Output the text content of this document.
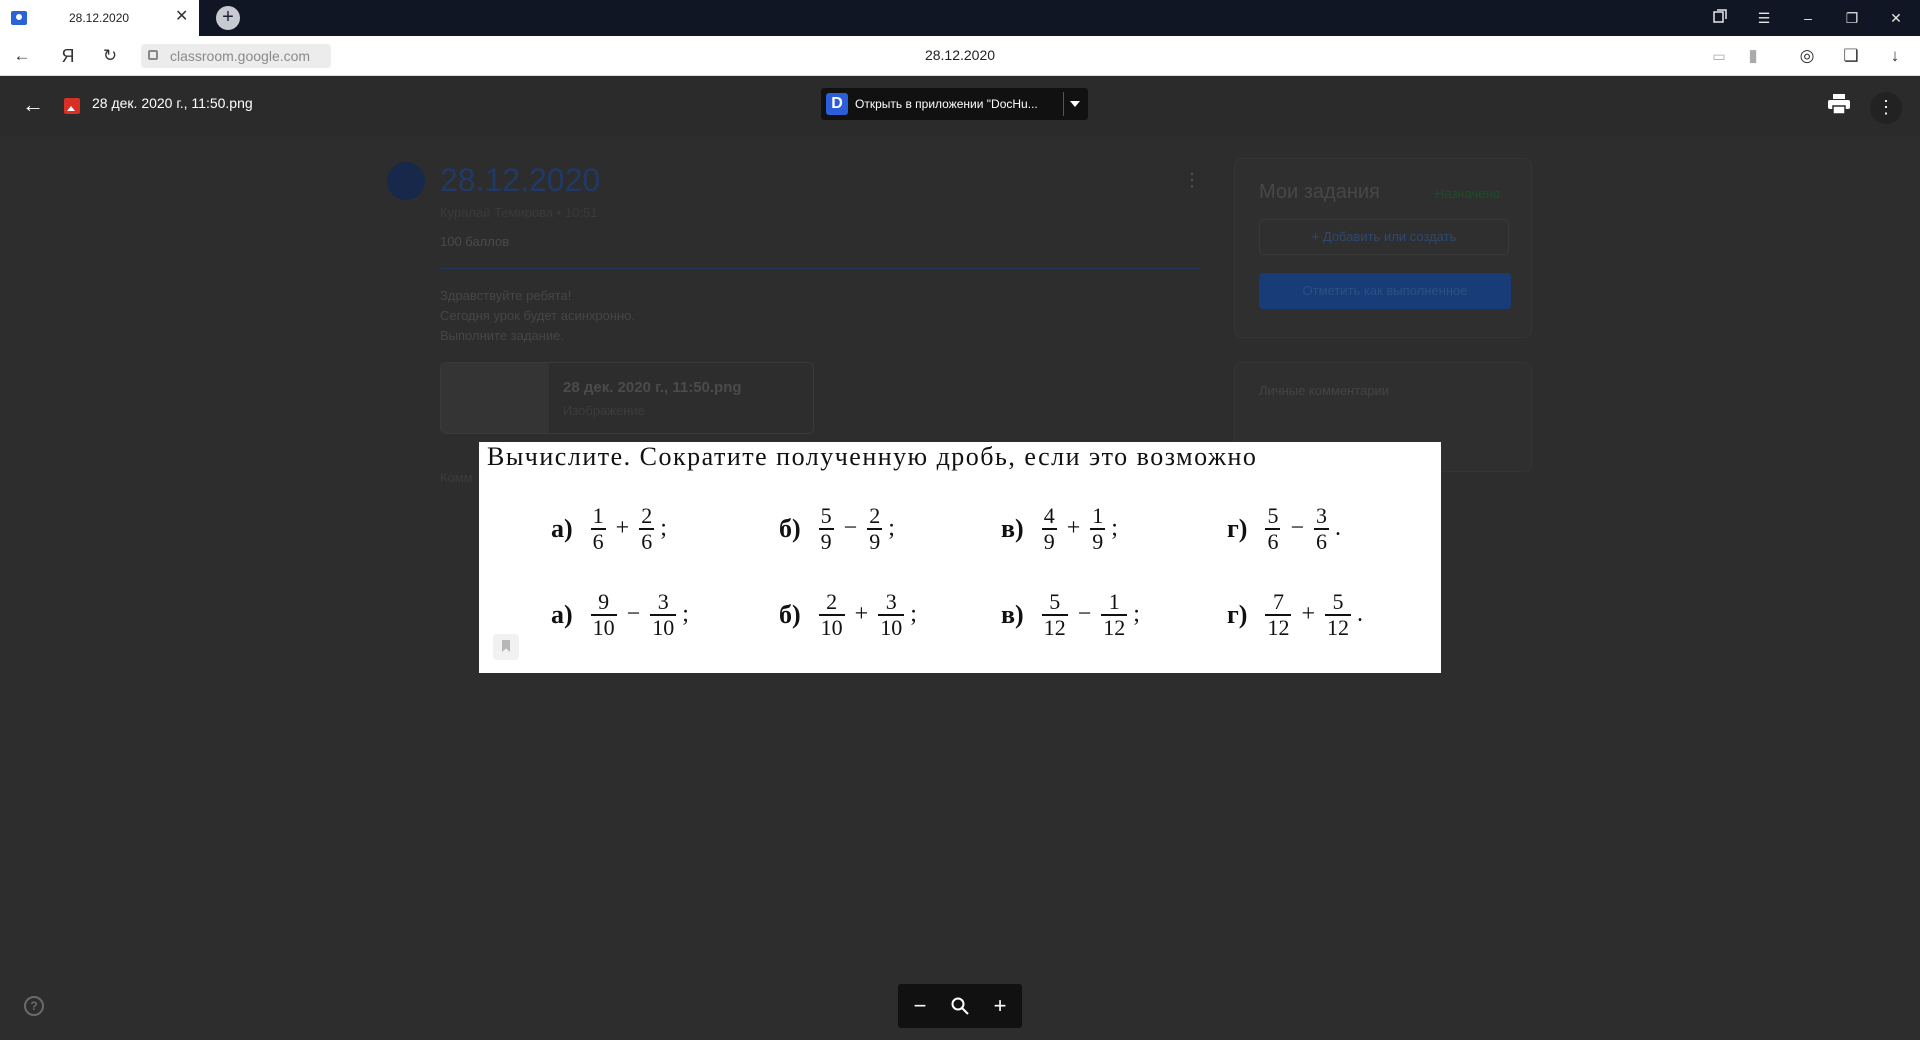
28.12.2020	✕	+	☰	–	❐ ✕
← Я ↻	classroom.google.com	28.12.2020	▭	▮	◎ ❏	↓
28.12.2020
Куралай Темирова • 10:51
100 баллов
⋮
Здравствуйте ребята!
Сегодня урок будет асинхронно.
Выполните задание.
28 дек. 2020 г., 11:50.png
Изображение
Комм
Мои задания	Назначено
+ Добавить или создать
Отметить как выполненное
Личные комментарии
←	28 дек. 2020 г., 11:50.png	D	Открыть в приложении "DocHu...	⋮
Вычислите. Сократите полученную дробь, если это возможно
$а) \frac{1}{6} + \frac{2}{6}$ ;	$б) \frac{5}{9} - \frac{2}{9}$ ;	$в) \frac{4}{9} + \frac{1}{9}$ ;	$г) \frac{5}{6} - \frac{3}{6}$ .
$а) \frac{9}{10} - \frac{3}{10}$ ;	$б) \frac{2}{10} + \frac{3}{10}$ ;	$в) \frac{5}{12} - \frac{1}{12}$ ;	$г) \frac{7}{12} + \frac{5}{12}$ .
−	+
?
